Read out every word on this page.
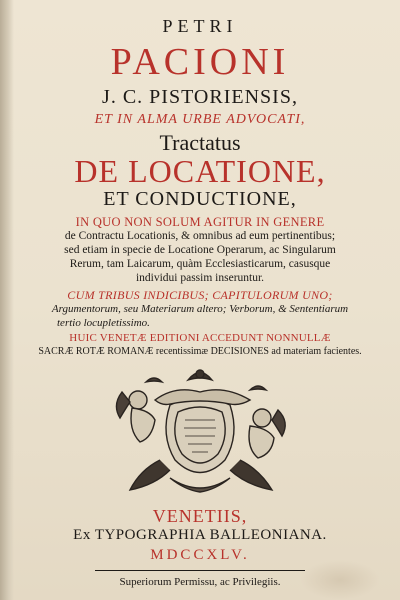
PETRI
PACIONI
J. C. PISTORIENSIS,
ET IN ALMA URBE ADVOCATI,
Tractatus
DE LOCATIONE,
ET CONDUCTIONE,
IN QUO NON SOLUM AGITUR IN GENERE
de Contractu Locationis, & omnibus ad eum pertinentibus;
sed etiam in specie de Locatione Operarum, ac Singularum
Rerum, tam Laicarum, quàm Ecclesiasticarum, casusque
individui passim inseruntur.
CUM TRIBUS INDICIBUS; CAPITULORUM UNO;
Argumentorum, seu Materiarum altero; Verborum, & Sententiarum
tertio locupletissimo.
HUIC VENETÆ EDITIONI ACCEDUNT NONNULLÆ
SACRÆ ROTÆ ROMANÆ recentissimæ DECISIONES ad materiam facientes.
VENETIIS,
Ex TYPOGRAPHIA BALLEONIANA.
MDCCXLV.
Superiorum Permissu, ac Privilegiis.
